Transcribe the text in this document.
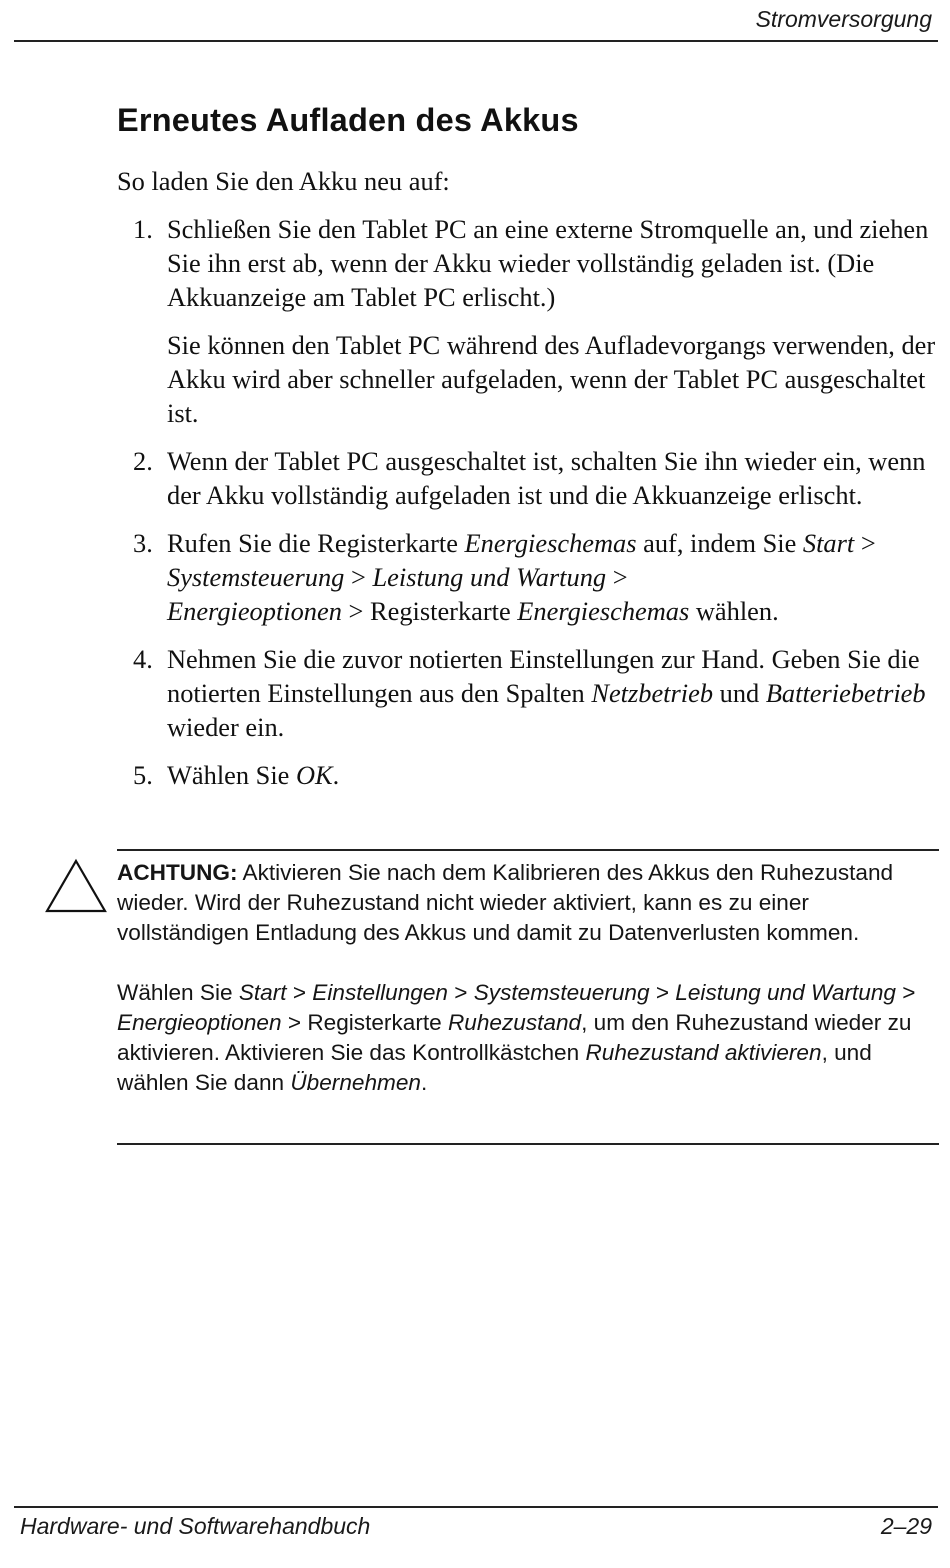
Stromversorgung
Erneutes Aufladen des Akkus

So laden Sie den Akku neu auf:

1. Schließen Sie den Tablet PC an eine externe Stromquelle an, und ziehen Sie ihn erst ab, wenn der Akku wieder vollständig geladen ist. (Die Akkuanzeige am Tablet PC erlischt.)

Sie können den Tablet PC während des Aufladevorgangs verwenden, der Akku wird aber schneller aufgeladen, wenn der Tablet PC ausgeschaltet ist.

2. Wenn der Tablet PC ausgeschaltet ist, schalten Sie ihn wieder ein, wenn der Akku vollständig aufgeladen ist und die Akkuanzeige erlischt.

3. Rufen Sie die Registerkarte Energieschemas auf, indem Sie Start > Systemsteuerung > Leistung und Wartung >
Energieoptionen > Registerkarte Energieschemas wählen.

4. Nehmen Sie die zuvor notierten Einstellungen zur Hand. Geben Sie die notierten Einstellungen aus den Spalten Netzbetrieb und Batteriebetrieb wieder ein.

5. Wählen Sie OK.

ACHTUNG: Aktivieren Sie nach dem Kalibrieren des Akkus den Ruhezustand wieder. Wird der Ruhezustand nicht wieder aktiviert, kann es zu einer vollständigen Entladung des Akkus und damit zu Datenverlusten kommen.

Wählen Sie Start > Einstellungen > Systemsteuerung > Leistung und Wartung > Energieoptionen > Registerkarte Ruhezustand, um den Ruhezustand wieder zu aktivieren. Aktivieren Sie das Kontrollkästchen Ruhezustand aktivieren, und wählen Sie dann Übernehmen.

Hardware- und Softwarehandbuch	2–29
